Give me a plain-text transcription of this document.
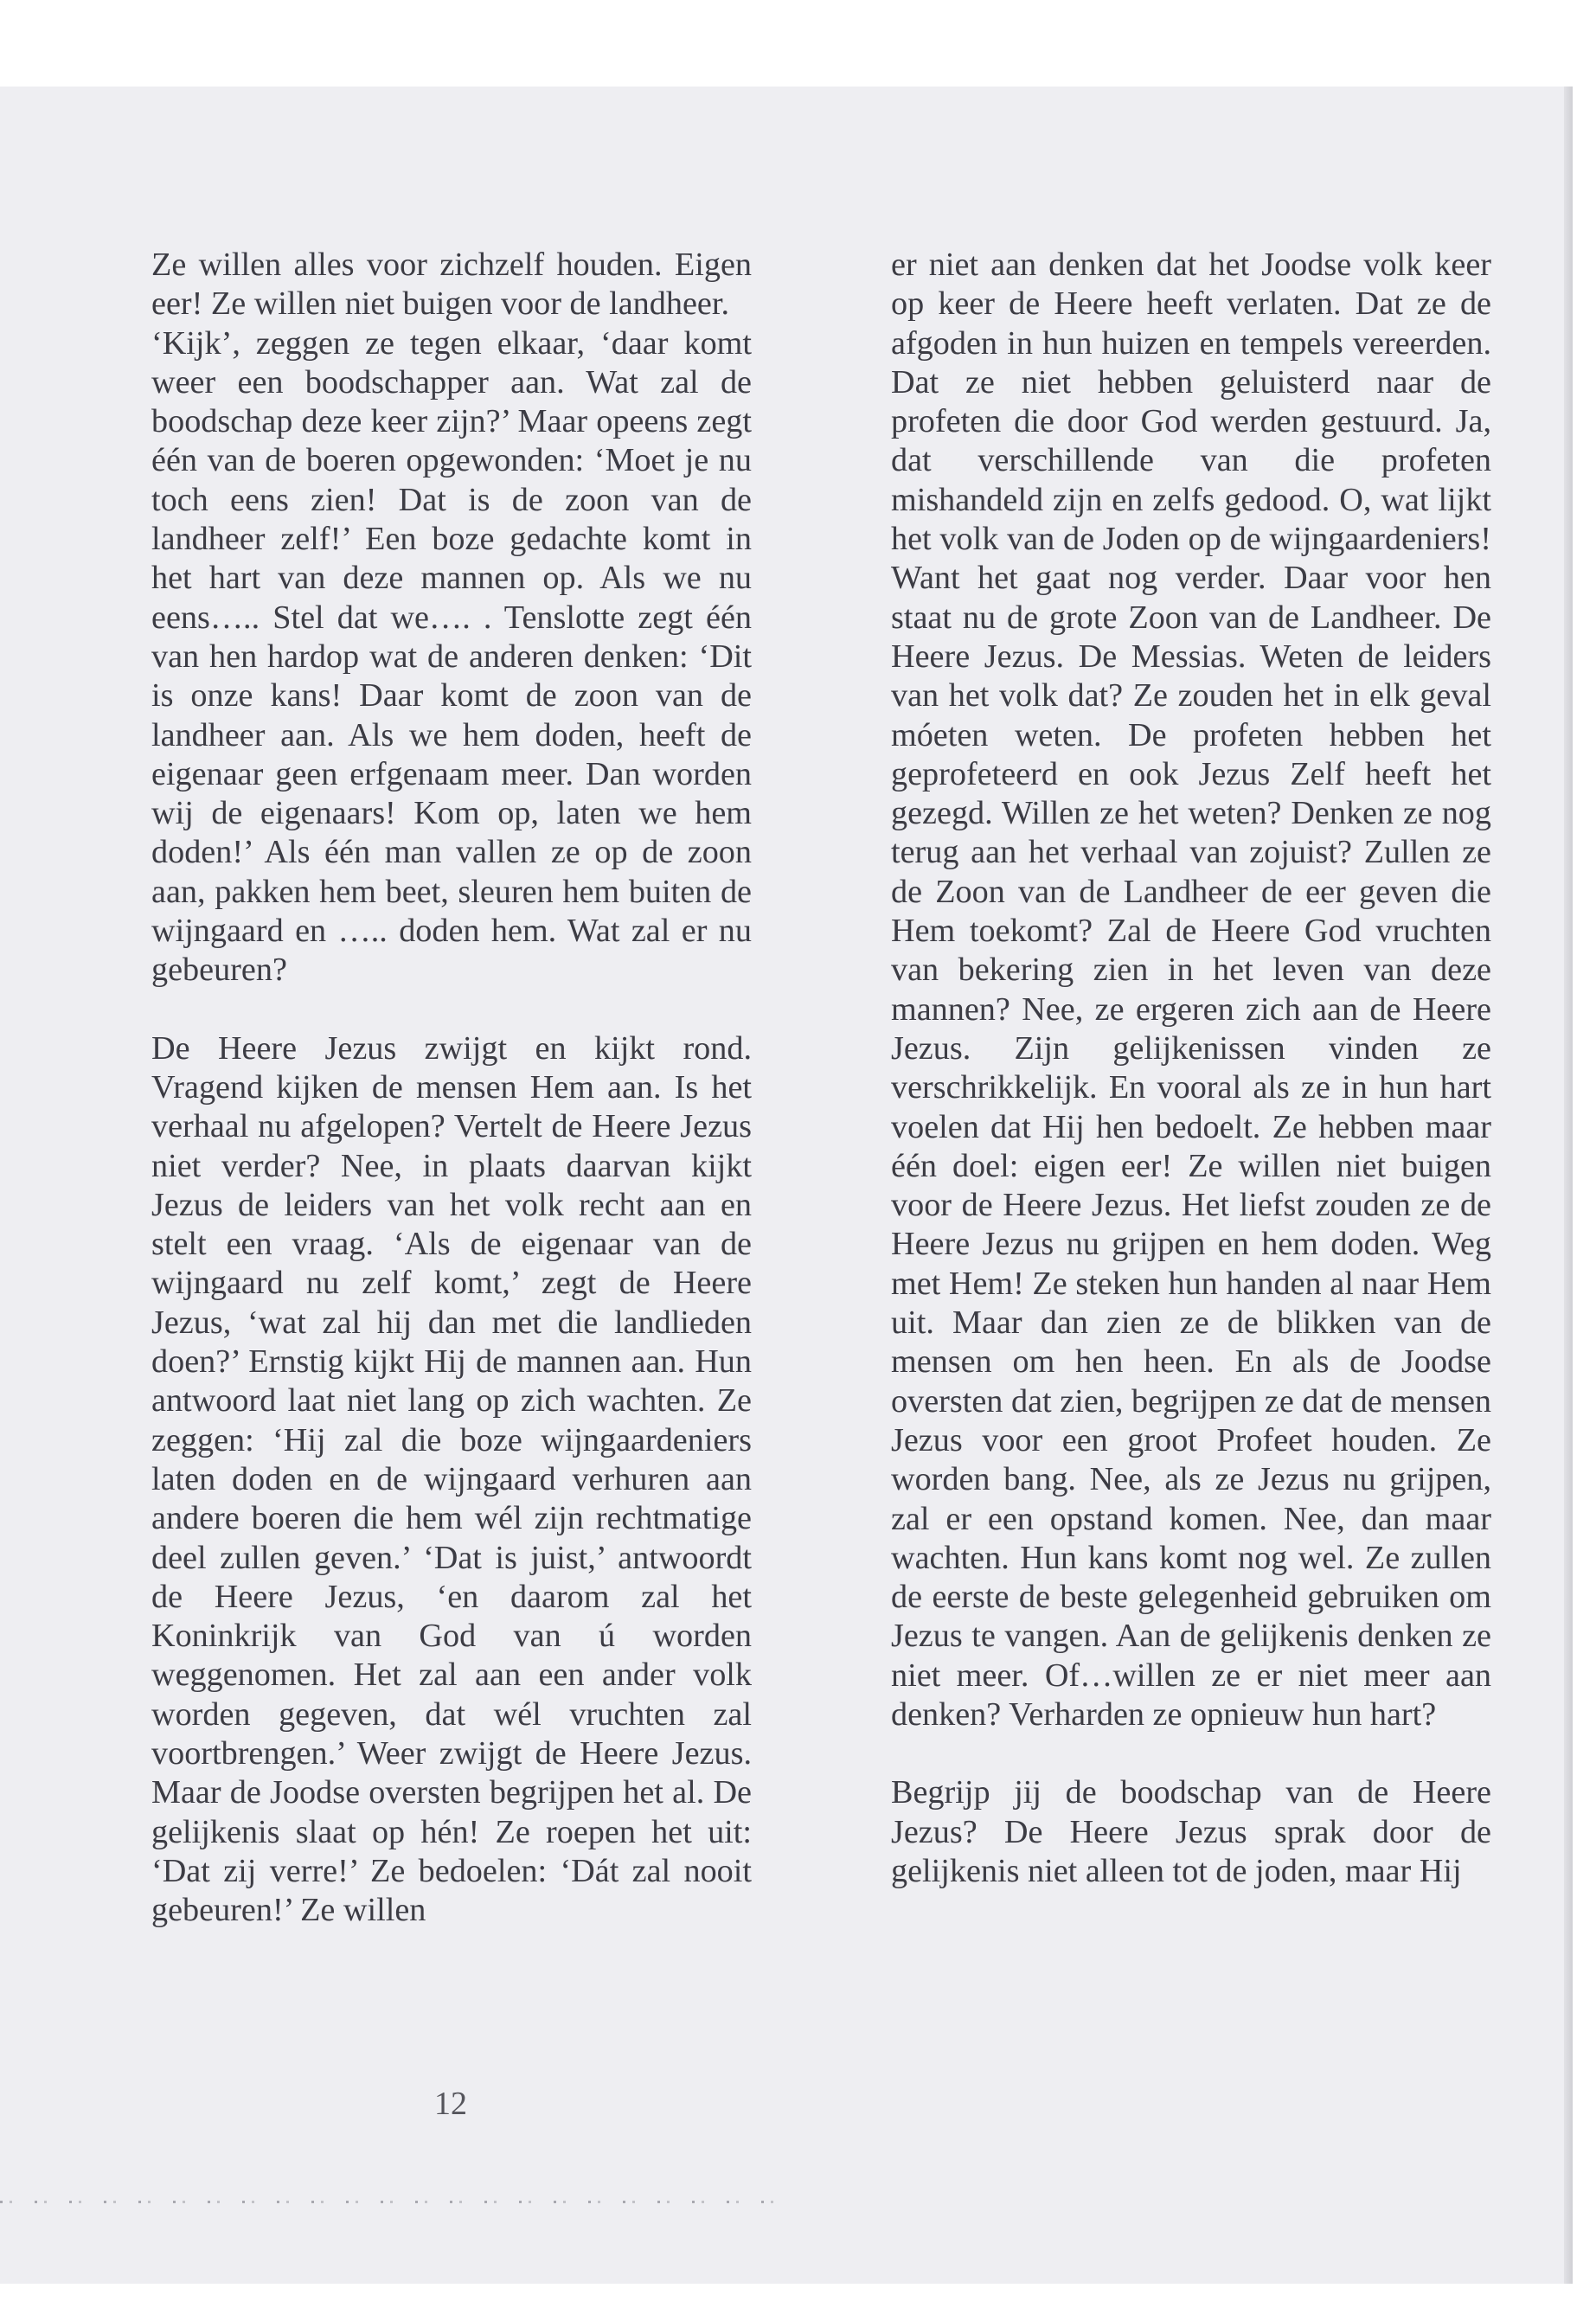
Ze willen alles voor zichzelf houden. Eigen eer! Ze willen niet buigen voor de landheer.
‘Kijk’, zeggen ze tegen elkaar, ‘daar komt weer een boodschapper aan. Wat zal de boodschap deze keer zijn?’ Maar opeens zegt één van de boeren opgewonden: ‘Moet je nu toch eens zien! Dat is de zoon van de landheer zelf!’ Een boze gedachte komt in het hart van deze mannen op. Als we nu eens….. Stel dat we…. . Tenslotte zegt één van hen hardop wat de anderen denken: ‘Dit is onze kans! Daar komt de zoon van de landheer aan. Als we hem doden, heeft de eigenaar geen erfgenaam meer. Dan worden wij de eigenaars! Kom op, laten we hem doden!’ Als één man vallen ze op de zoon aan, pakken hem beet, sleuren hem buiten de wijngaard en ….. doden hem. Wat zal er nu gebeuren?

De Heere Jezus zwijgt en kijkt rond. Vragend kijken de mensen Hem aan. Is het verhaal nu afgelopen? Vertelt de Heere Jezus niet verder? Nee, in plaats daarvan kijkt Jezus de leiders van het volk recht aan en stelt een vraag. ‘Als de eigenaar van de wijngaard nu zelf komt,’ zegt de Heere Jezus, ‘wat zal hij dan met die landlieden doen?’ Ernstig kijkt Hij de mannen aan. Hun antwoord laat niet lang op zich wachten. Ze zeggen: ‘Hij zal die boze wijngaardeniers laten doden en de wijngaard verhuren aan andere boeren die hem wél zijn rechtmatige deel zullen geven.’ ‘Dat is juist,’ antwoordt de Heere Jezus, ‘en daarom zal het Koninkrijk van God van ú worden weggenomen. Het zal aan een ander volk worden gegeven, dat wél vruchten zal voortbrengen.’ Weer zwijgt de Heere Jezus. Maar de Joodse oversten begrijpen het al. De gelijkenis slaat op hén! Ze roepen het uit: ‘Dat zij verre!’ Ze bedoelen: ‘Dát zal nooit gebeuren!’ Ze willen

er niet aan denken dat het Joodse volk keer op keer de Heere heeft verlaten. Dat ze de afgoden in hun huizen en tempels vereerden. Dat ze niet hebben geluisterd naar de profeten die door God werden gestuurd. Ja, dat verschillende van die profeten mishandeld zijn en zelfs gedood. O, wat lijkt het volk van de Joden op de wijngaardeniers! Want het gaat nog verder. Daar voor hen staat nu de grote Zoon van de Landheer. De Heere Jezus. De Messias. Weten de leiders van het volk dat? Ze zouden het in elk geval móeten weten. De profeten hebben het geprofeteerd en ook Jezus Zelf heeft het gezegd. Willen ze het weten? Denken ze nog terug aan het verhaal van zojuist? Zullen ze de Zoon van de Landheer de eer geven die Hem toekomt? Zal de Heere God vruchten van bekering zien in het leven van deze mannen? Nee, ze ergeren zich aan de Heere Jezus. Zijn gelijkenissen vinden ze verschrikkelijk. En vooral als ze in hun hart voelen dat Hij hen bedoelt. Ze hebben maar één doel: eigen eer! Ze willen niet buigen voor de Heere Jezus. Het liefst zouden ze de Heere Jezus nu grijpen en hem doden. Weg met Hem! Ze steken hun handen al naar Hem uit. Maar dan zien ze de blikken van de mensen om hen heen. En als de Joodse oversten dat zien, begrijpen ze dat de mensen Jezus voor een groot Profeet houden. Ze worden bang. Nee, als ze Jezus nu grijpen, zal er een opstand komen. Nee, dan maar wachten. Hun kans komt nog wel. Ze zullen de eerste de beste gelegenheid gebruiken om Jezus te vangen. Aan de gelijkenis denken ze niet meer. Of…willen ze er niet meer aan denken? Verharden ze opnieuw hun hart?

Begrijp jij de boodschap van de Heere Jezus? De Heere Jezus sprak door de gelijkenis niet alleen tot de joden, maar Hij

12
